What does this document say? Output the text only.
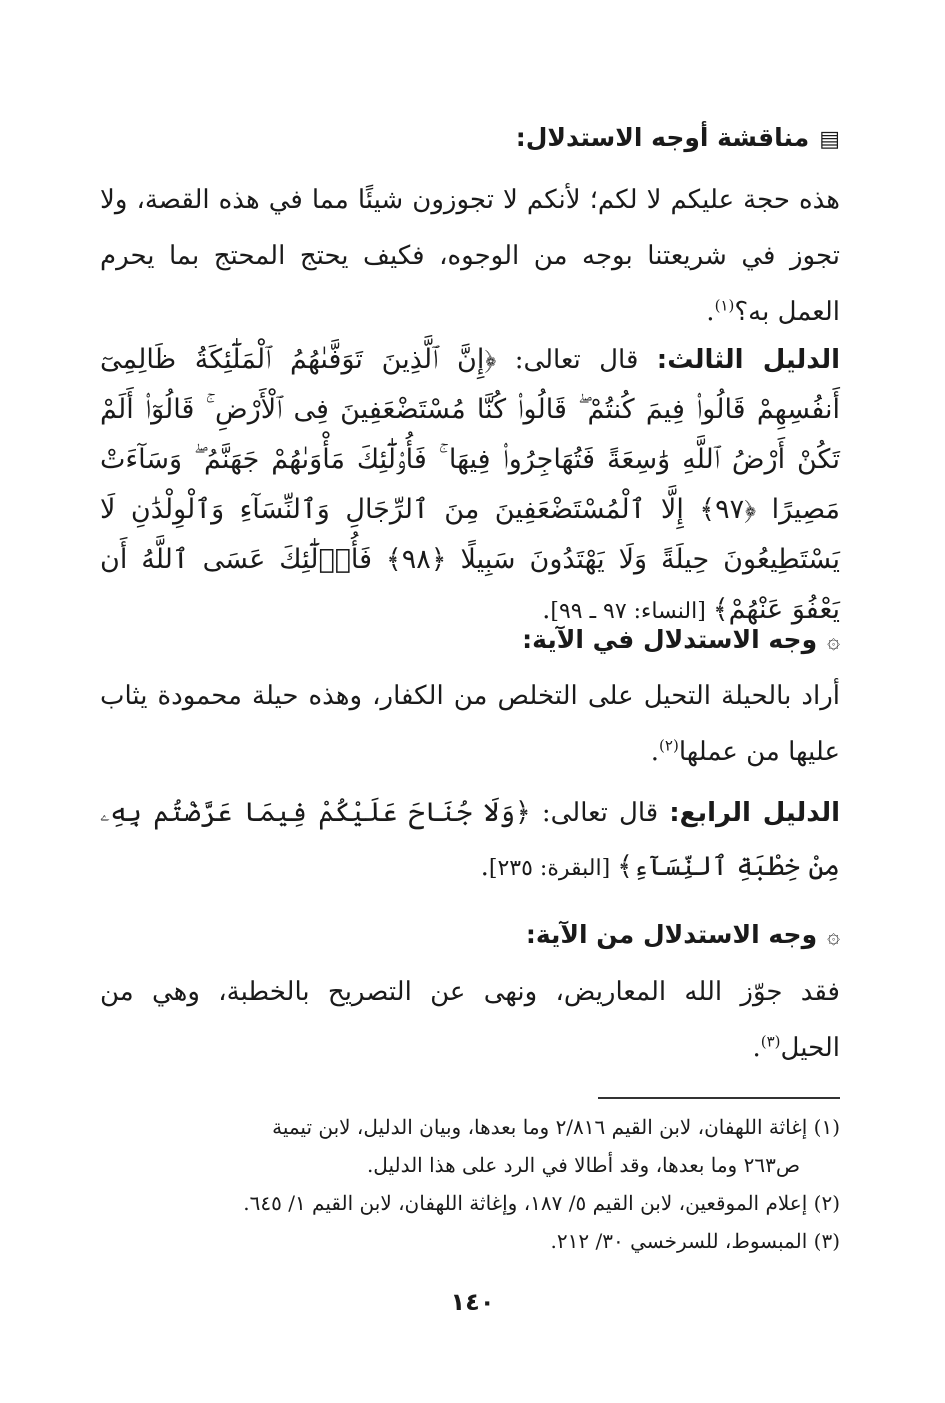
▤مناقشة أوجه الاستدلال:
هذه حجة عليكم لا لكم؛ لأنكم لا تجوزون شيئًا مما في هذه القصة، ولا تجوز في شريعتنا بوجه من الوجوه، فكيف يحتج المحتج بما يحرم العمل به؟$^{(١)}$.
الدليل الثالث: قال تعالى: ﴿إِنَّ ٱلَّذِينَ تَوَفَّىٰهُمُ ٱلْمَلَٰٓئِكَةُ ظَالِمِىٓ أَنفُسِهِمْ قَالُوا۟ فِيمَ كُنتُمْ ۖ قَالُوا۟ كُنَّا مُسْتَضْعَفِينَ فِى ٱلْأَرْضِ ۚ قَالُوٓا۟ أَلَمْ تَكُنْ أَرْضُ ٱللَّهِ وَٰسِعَةً فَتُهَاجِرُوا۟ فِيهَا ۚ فَأُو۟لَٰٓئِكَ مَأْوَىٰهُمْ جَهَنَّمُ ۖ وَسَآءَتْ مَصِيرًا ﴿٩٧﴾ إِلَّا ٱلْمُسْتَضْعَفِينَ مِنَ ٱلرِّجَالِ وَٱلنِّسَآءِ وَٱلْوِلْدَٰنِ لَا يَسْتَطِيعُونَ حِيلَةً وَلَا يَهْتَدُونَ سَبِيلًا ﴿٩٨﴾ فَأُو۟لَٰٓئِكَ عَسَى ٱللَّهُ أَن يَعْفُوَ عَنْهُمْ﴾ [النساء: ٩٧ ـ ٩٩].
۞وجه الاستدلال في الآية:
أراد بالحيلة التحيل على التخلص من الكفار، وهذه حيلة محمودة يثاب عليها من عملها$^{(٢)}$.
الدليل الرابع: قال تعالى: ﴿وَلَا جُنَاحَ عَلَيْكُمْ فِيمَا عَرَّضْتُم بِهِۦ مِنْ خِطْبَةِ ٱلنِّسَآءِ﴾ [البقرة: ٢٣٥].
۞وجه الاستدلال من الآية:
فقد جوّز الله المعاريض، ونهى عن التصريح بالخطبة، وهي من الحيل$^{(٣)}$.
(١) إغاثة اللهفان، لابن القيم ٢/٨١٦ وما بعدها، وبيان الدليل، لابن تيمية
ص٢٦٣ وما بعدها، وقد أطالا في الرد على هذا الدليل.
(٢) إعلام الموقعين، لابن القيم ٥/ ١٨٧، وإغاثة اللهفان، لابن القيم ١/ ٦٤٥.
(٣) المبسوط، للسرخسي ٣٠/ ٢١٢.
١٤٠
